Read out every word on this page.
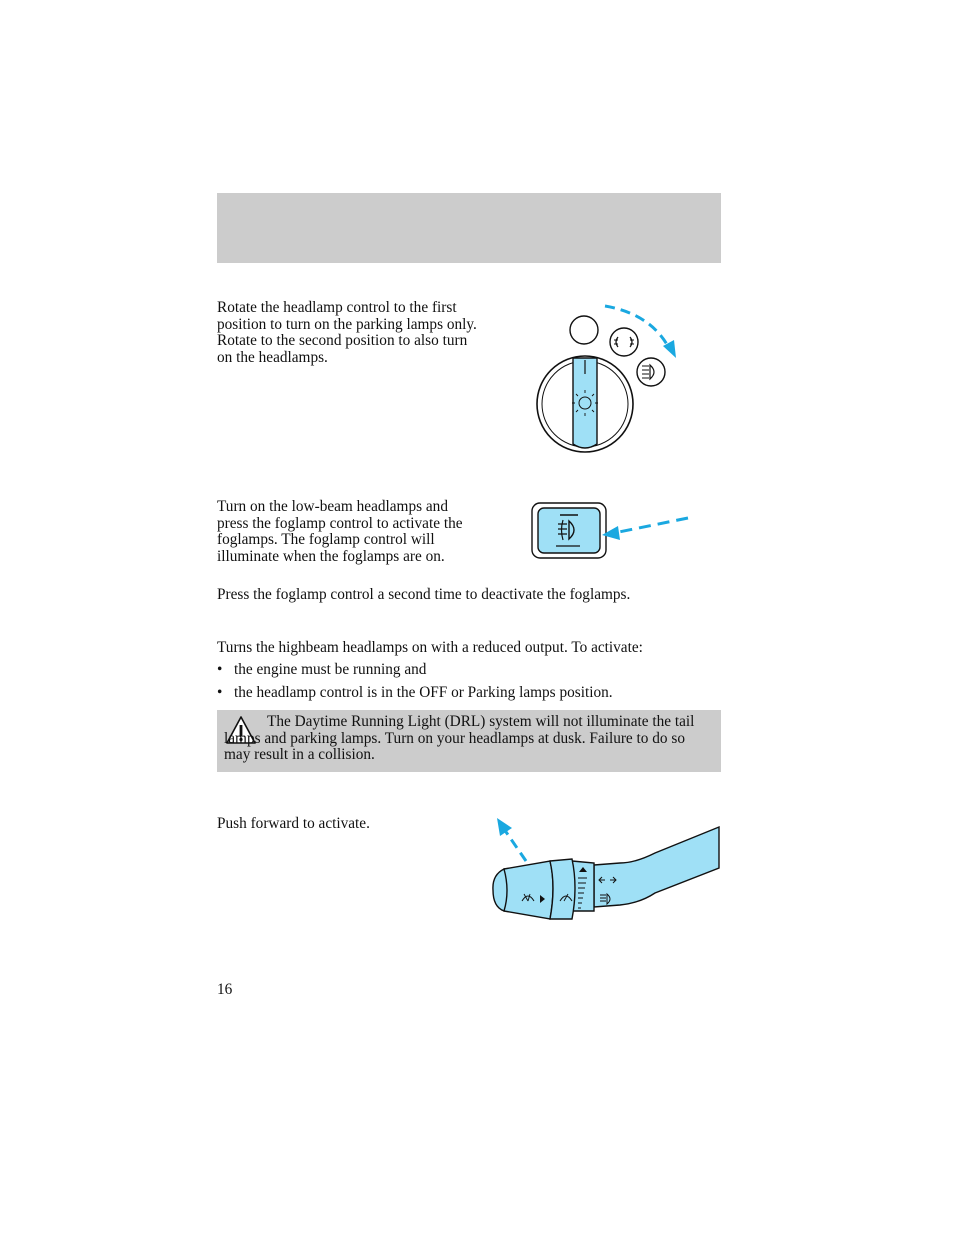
Rotate the headlamp control to the first position to turn on the parking lamps only. Rotate to the second position to also turn on the headlamps.

Turn on the low-beam headlamps and press the foglamp control to activate the foglamps. The foglamp control will illuminate when the foglamps are on.

Press the foglamp control a second time to deactivate the foglamps.

Turns the highbeam headlamps on with a reduced output. To activate:

• the engine must be running and
• the headlamp control is in the OFF or Parking lamps position.

The Daytime Running Light (DRL) system will not illuminate the tail lamps and parking lamps. Turn on your headlamps at dusk. Failure to do so may result in a collision.

Push forward to activate.

16
